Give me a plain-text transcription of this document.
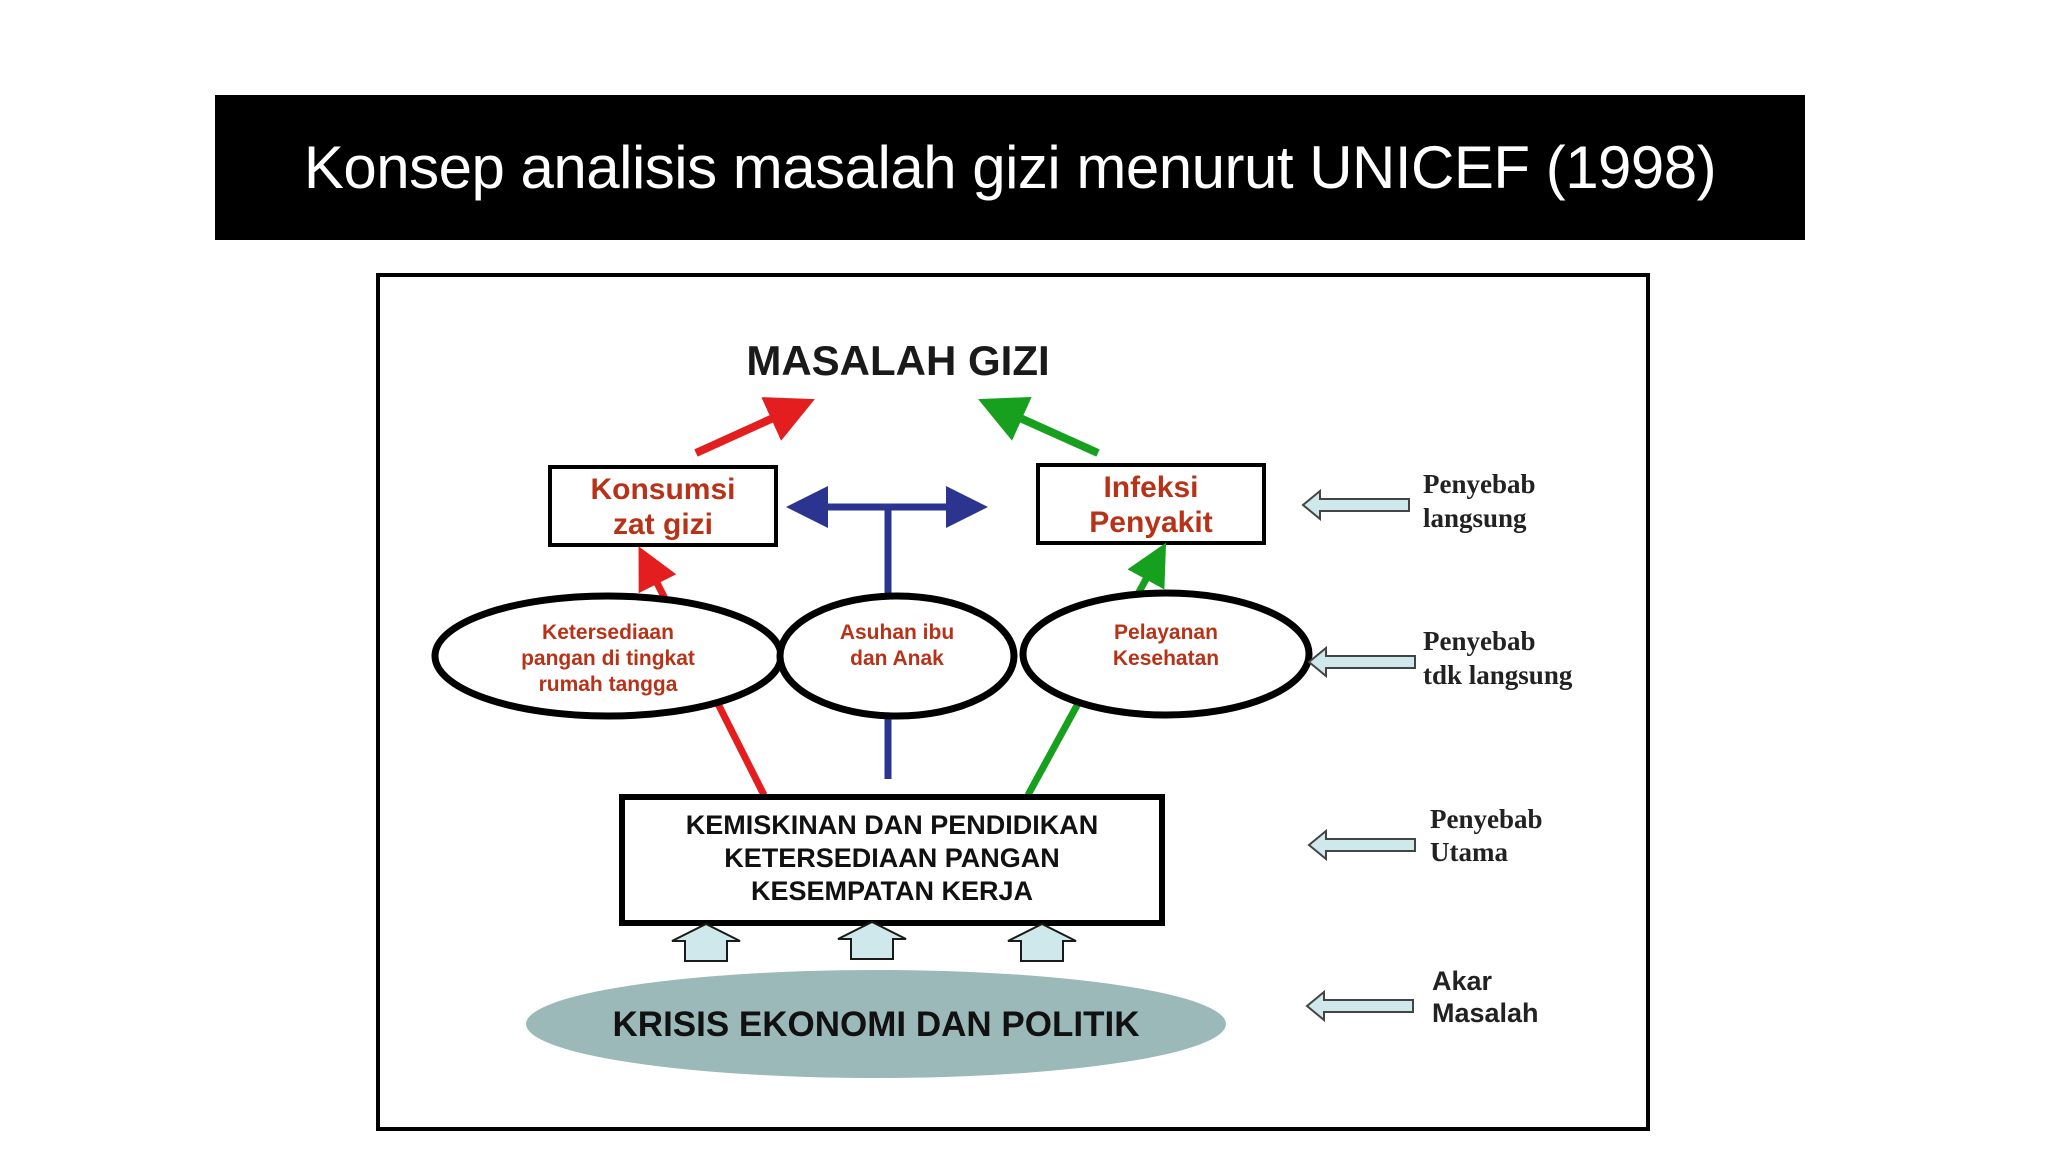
Konsep analisis masalah gizi menurut UNICEF (1998)
MASALAH GIZI
Konsumsi
zat gizi
Infeksi
Penyakit
Ketersediaan
pangan di tingkat
rumah tangga
Asuhan ibu
dan Anak
Pelayanan
Kesehatan
KEMISKINAN DAN PENDIDIKAN
KETERSEDIAAN PANGAN
KESEMPATAN KERJA
KRISIS EKONOMI DAN POLITIK
Penyebab
langsung
Penyebab
tdk langsung
Penyebab
Utama
Akar
Masalah
